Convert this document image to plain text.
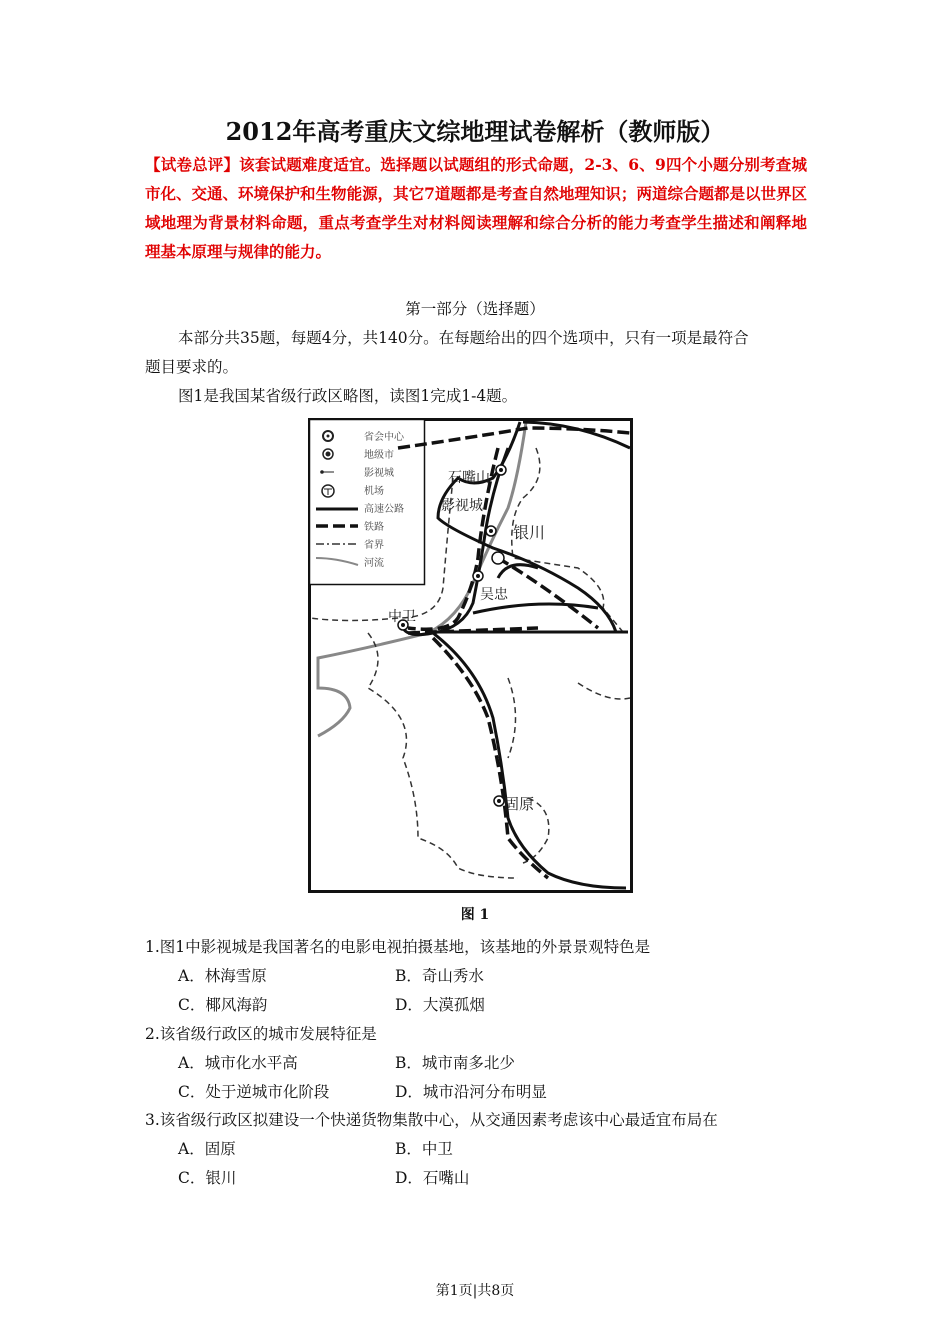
2012年高考重庆文综地理试卷解析（教师版）
【试卷总评】该套试题难度适宜。选择题以试题组的形式命题，2-3、6、9四个小题分别考查城市化、交通、环境保护和生物能源，其它7道题都是考查自然地理知识；两道综合题都是以世界区域地理为背景材料命题，重点考查学生对材料阅读理解和综合分析的能力考查学生描述和阐释地理基本原理与规律的能力。
第一部分（选择题）
本部分共35题，每题4分，共140分。在每题给出的四个选项中，只有一项是最符合
题目要求的。
图1是我国某省级行政区略图，读图1完成1-4题。
省会中心
地级市
影视城
机场
高速公路
铁路
省界
河流
石嘴山
影视城
银川
吴忠
中卫
固原
图 1
1.图1中影视城是我国著名的电影电视拍摄基地，该基地的外景景观特色是
A．林海雪原	B．奇山秀水
C．椰风海韵	D．大漠孤烟
2.该省级行政区的城市发展特征是
A．城市化水平高	B．城市南多北少
C．处于逆城市化阶段	D．城市沿河分布明显
3.该省级行政区拟建设一个快递货物集散中心，从交通因素考虑该中心最适宜布局在
A．固原	B．中卫
C．银川	D．石嘴山
第1页|共8页
